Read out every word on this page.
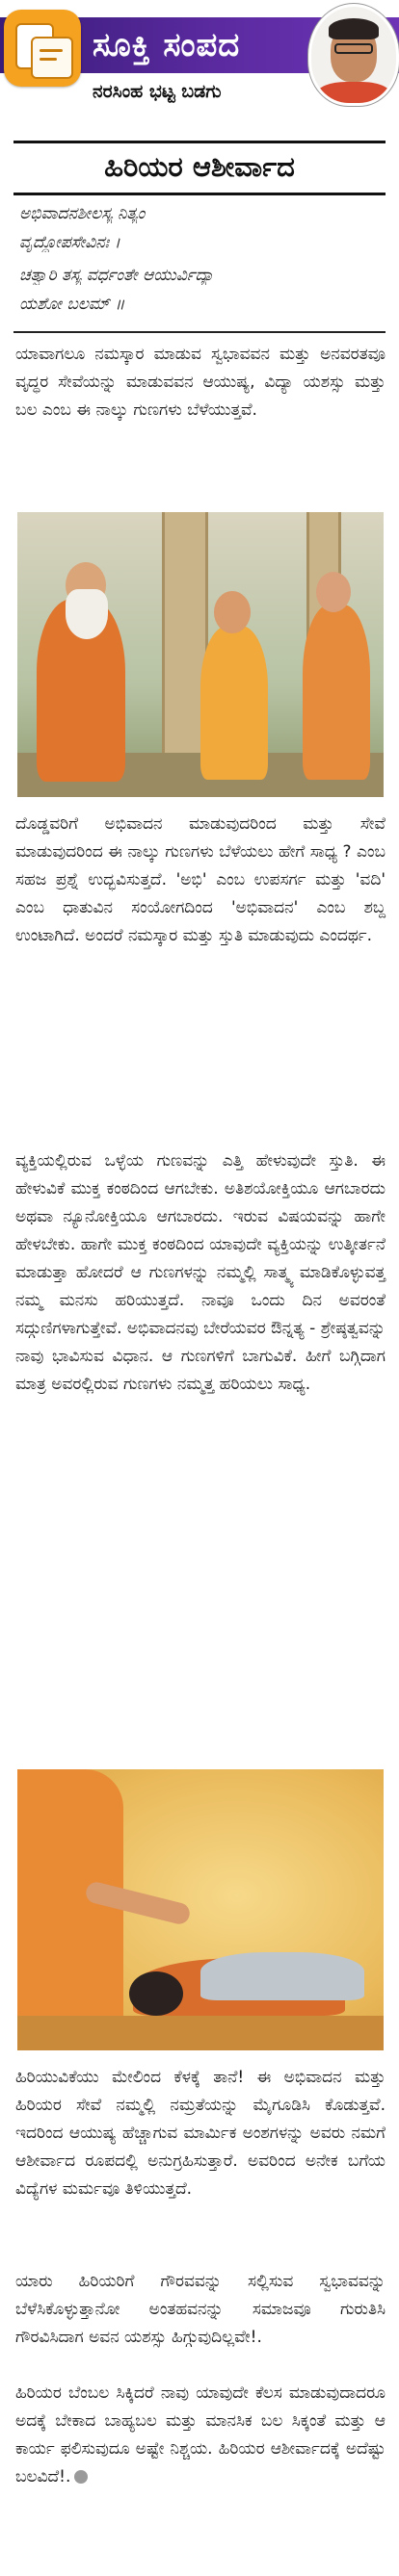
ಸೂಕ್ತಿ ಸಂಪದ
ನರಸಿಂಹ ಭಟ್ಟ ಬಡಗು
ಹಿರಿಯರ ಆಶೀರ್ವಾದ
ಅಭಿವಾದನಶೀಲಸ್ಯ ನಿತ್ಯಂ
ವೃದ್ಧೋಪಸೇವಿನಃ ।
ಚತ್ವಾರಿ ತಸ್ಯ ವರ್ಧಂತೇ ಆಯುರ್ವಿದ್ಯಾ
ಯಶೋ ಬಲಮ್ ॥

ಯಾವಾಗಲೂ ನಮಸ್ಕಾರ ಮಾಡುವ ಸ್ವಭಾವವನ ಮತ್ತು ಅನವರತವೂ ವೃದ್ಧರ ಸೇವೆಯನ್ನು ಮಾಡುವವನ ಆಯುಷ್ಯ, ವಿದ್ಯಾ ಯಶಸ್ಸು ಮತ್ತು ಬಲ ಎಂಬ ಈ ನಾಲ್ಕು ಗುಣಗಳು ಬೆಳೆಯುತ್ತವೆ.

ದೊಡ್ಡವರಿಗೆ ಅಭಿವಾದನ ಮಾಡುವುದರಿಂದ ಮತ್ತು ಸೇವೆ ಮಾಡುವುದರಿಂದ ಈ ನಾಲ್ಕು ಗುಣಗಳು ಬೆಳೆಯಲು ಹೇಗೆ ಸಾಧ್ಯ ? ಎಂಬ ಸಹಜ ಪ್ರಶ್ನೆ ಉದ್ಭವಿಸುತ್ತದೆ. 'ಅಭಿ' ಎಂಬ ಉಪಸರ್ಗ ಮತ್ತು 'ವದಿ' ಎಂಬ ಧಾತುವಿನ ಸಂಯೋಗದಿಂದ 'ಅಭಿವಾದನ' ಎಂಬ ಶಬ್ದ ಉಂಟಾಗಿದೆ. ಅಂದರೆ ನಮಸ್ಕಾರ ಮತ್ತು ಸ್ತುತಿ ಮಾಡುವುದು ಎಂದರ್ಥ.

ವ್ಯಕ್ತಿಯಲ್ಲಿರುವ ಒಳ್ಳೆಯ ಗುಣವನ್ನು ಎತ್ತಿ ಹೇಳುವುದೇ ಸ್ತುತಿ. ಈ ಹೇಳುವಿಕೆ ಮುಕ್ತ ಕಂಠದಿಂದ ಆಗಬೇಕು. ಅತಿಶಯೋಕ್ತಿಯೂ ಆಗಬಾರದು ಅಥವಾ ನ್ಯೂನೋಕ್ತಿಯೂ ಆಗಬಾರದು. ಇರುವ ವಿಷಯವನ್ನು ಹಾಗೇ ಹೇಳಬೇಕು. ಹಾಗೇ ಮುಕ್ತ ಕಂಠದಿಂದ ಯಾವುದೇ ವ್ಯಕ್ತಿಯನ್ನು ಉತ್ಕೀರ್ತನೆ ಮಾಡುತ್ತಾ ಹೋದರೆ ಆ ಗುಣಗಳನ್ನು ನಮ್ಮಲ್ಲಿ ಸಾತ್ಮ್ಯ ಮಾಡಿಕೊಳ್ಳುವತ್ತ ನಮ್ಮ ಮನಸು ಹರಿಯುತ್ತದೆ. ನಾವೂ ಒಂದು ದಿನ ಅವರಂತೆ ಸದ್ಗುಣಿಗಳಾಗುತ್ತೇವೆ. ಅಭಿವಾದನವು ಬೇರೆಯವರ ಔನ್ನತ್ಯ - ಶ್ರೇಷ್ಠತ್ವವನ್ನು ನಾವು ಭಾವಿಸುವ ವಿಧಾನ. ಆ ಗುಣಗಳಿಗೆ ಬಾಗುವಿಕೆ. ಹೀಗೆ ಬಗ್ಗಿದಾಗ ಮಾತ್ರ ಅವರಲ್ಲಿರುವ ಗುಣಗಳು ನಮ್ಮತ್ತ ಹರಿಯಲು ಸಾಧ್ಯ.

ಹಿರಿಯುವಿಕೆಯು ಮೇಲಿಂದ ಕೆಳಕ್ಕೆ ತಾನೆ! ಈ ಅಭಿವಾದನ ಮತ್ತು ಹಿರಿಯರ ಸೇವೆ ನಮ್ಮಲ್ಲಿ ನಮ್ರತೆಯನ್ನು ಮೈಗೂಡಿಸಿ ಕೊಡುತ್ತವೆ. ಇದರಿಂದ ಆಯುಷ್ಯ ಹೆಚ್ಚಾಗುವ ಮಾರ್ಮಿಕ ಅಂಶಗಳನ್ನು ಅವರು ನಮಗೆ ಆಶೀರ್ವಾದ ರೂಪದಲ್ಲಿ ಅನುಗ್ರಹಿಸುತ್ತಾರೆ. ಅವರಿಂದ ಅನೇಕ ಬಗೆಯ ವಿದ್ಯೆಗಳ ಮರ್ಮವೂ ತಿಳಿಯುತ್ತದೆ.

ಯಾರು ಹಿರಿಯರಿಗೆ ಗೌರವವನ್ನು ಸಲ್ಲಿಸುವ ಸ್ವಭಾವವನ್ನು ಬೆಳೆಸಿಕೊಳ್ಳುತ್ತಾನೋ ಅಂತಹವನನ್ನು ಸಮಾಜವೂ ಗುರುತಿಸಿ ಗೌರವಿಸಿದಾಗ ಅವನ ಯಶಸ್ಸು ಹಿಗ್ಗುವುದಿಲ್ಲವೇ!.

ಹಿರಿಯರ ಬೆಂಬಲ ಸಿಕ್ಕಿದರೆ ನಾವು ಯಾವುದೇ ಕೆಲಸ ಮಾಡುವುದಾದರೂ ಅದಕ್ಕೆ ಬೇಕಾದ ಬಾಹ್ಯಬಲ ಮತ್ತು ಮಾನಸಿಕ ಬಲ ಸಿಕ್ಕಂತೆ ಮತ್ತು ಆ ಕಾರ್ಯ ಫಲಿಸುವುದೂ ಅಷ್ಟೇ ನಿಶ್ಚಯ. ಹಿರಿಯರ ಆಶೀರ್ವಾದಕ್ಕೆ ಅದೆಷ್ಟು ಬಲವಿದೆ!.
